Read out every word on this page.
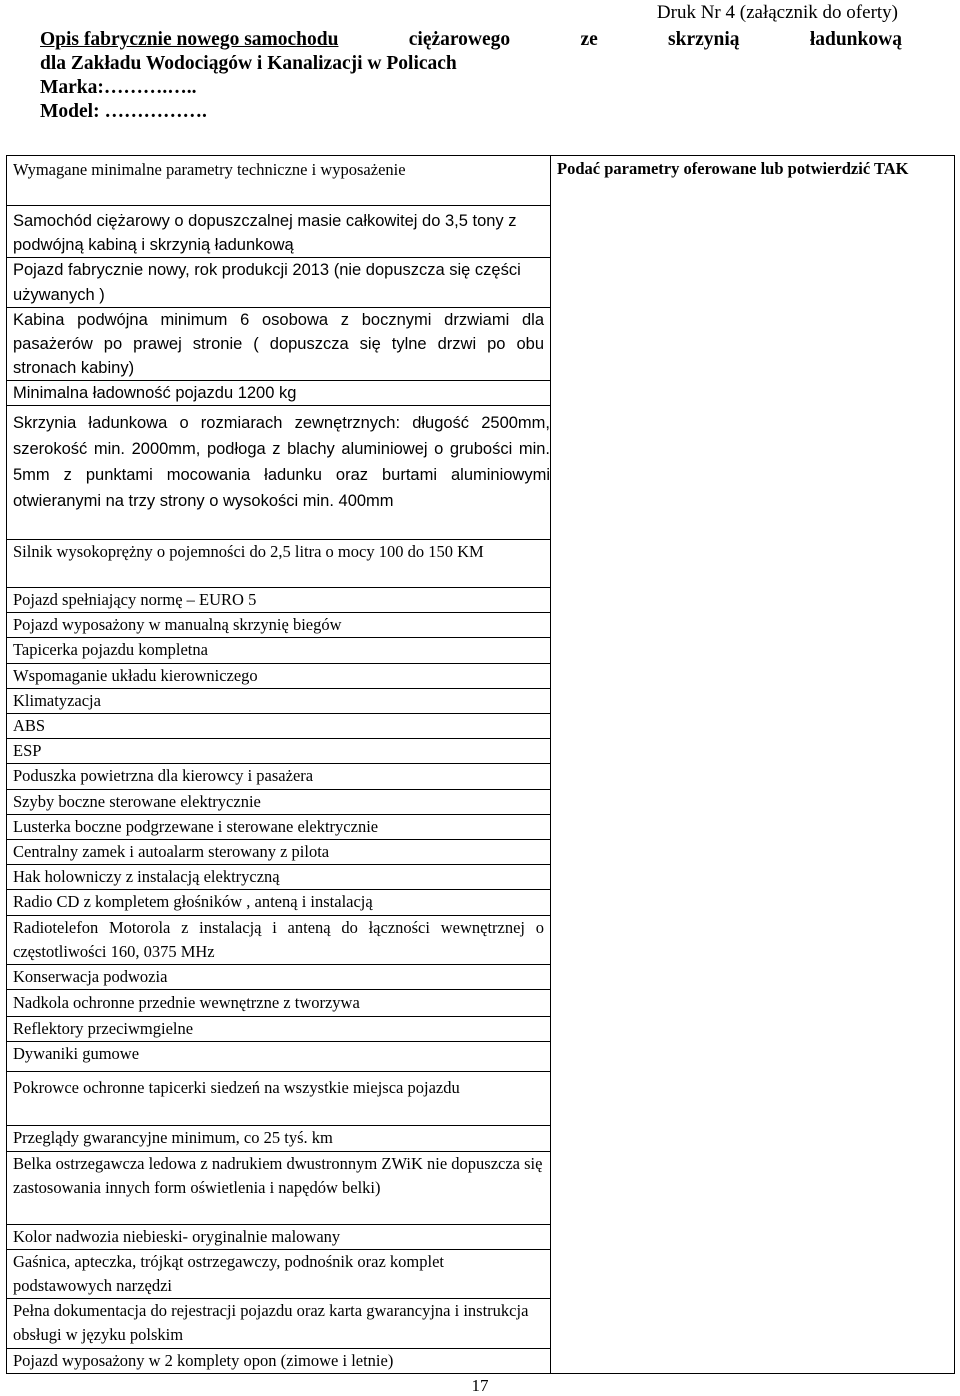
Druk Nr 4 (załącznik do oferty)
Opis fabrycznie nowego samochodu	ciężarowego	ze	skrzynią	ładunkową
dla Zakładu Wodociągów i Kanalizacji w Policach
Marka:……….…..
Model: …………….
Wymagane minimalne parametry techniczne i wyposażenie	Podać parametry oferowane lub potwierdzić TAK
Samochód ciężarowy o dopuszczalnej masie całkowitej do 3,5 tony z podwójną kabiną i skrzynią ładunkową	
Pojazd fabrycznie nowy, rok produkcji 2013 (nie dopuszcza się części używanych )	
Kabina podwójna minimum 6 osobowa z bocznymi drzwiami dla pasażerów po prawej stronie ( dopuszcza się tylne drzwi po obu stronach kabiny)	
Minimalna ładowność pojazdu 1200 kg	
Skrzynia ładunkowa o rozmiarach zewnętrznych: długość 2500mm, szerokość min. 2000mm, podłoga z blachy aluminiowej o grubości min. 5mm z punktami mocowania ładunku oraz burtami aluminiowymi otwieranymi na trzy strony o wysokości min. 400mm	
Silnik wysokoprężny o pojemności do 2,5 litra o mocy 100 do 150 KM	
Pojazd spełniający normę – EURO 5	
Pojazd wyposażony w manualną skrzynię biegów	
Tapicerka pojazdu kompletna	
Wspomaganie układu kierowniczego	
Klimatyzacja	
ABS	
ESP	
Poduszka powietrzna dla kierowcy i pasażera	
Szyby boczne sterowane elektrycznie	
Lusterka boczne podgrzewane i sterowane elektrycznie	
Centralny zamek i autoalarm sterowany z pilota	
Hak holowniczy z instalacją elektryczną	
Radio CD z kompletem głośników , anteną i instalacją	
Radiotelefon Motorola z instalacją i anteną do łączności wewnętrznej o częstotliwości 160, 0375 MHz	
Konserwacja podwozia	
Nadkola ochronne przednie wewnętrzne z tworzywa	
Reflektory przeciwmgielne	
Dywaniki gumowe	
Pokrowce ochronne tapicerki siedzeń na wszystkie miejsca pojazdu	
Przeglądy gwarancyjne minimum, co 25 tyś. km	
Belka ostrzegawcza ledowa z nadrukiem dwustronnym ZWiK nie dopuszcza się zastosowania innych form oświetlenia i napędów belki)	
Kolor nadwozia niebieski- oryginalnie malowany	
Gaśnica, apteczka, trójkąt ostrzegawczy, podnośnik oraz komplet podstawowych narzędzi	
Pełna dokumentacja do rejestracji pojazdu oraz karta gwarancyjna i instrukcja obsługi w języku polskim	
Pojazd wyposażony w 2 komplety opon (zimowe i letnie)	
17
